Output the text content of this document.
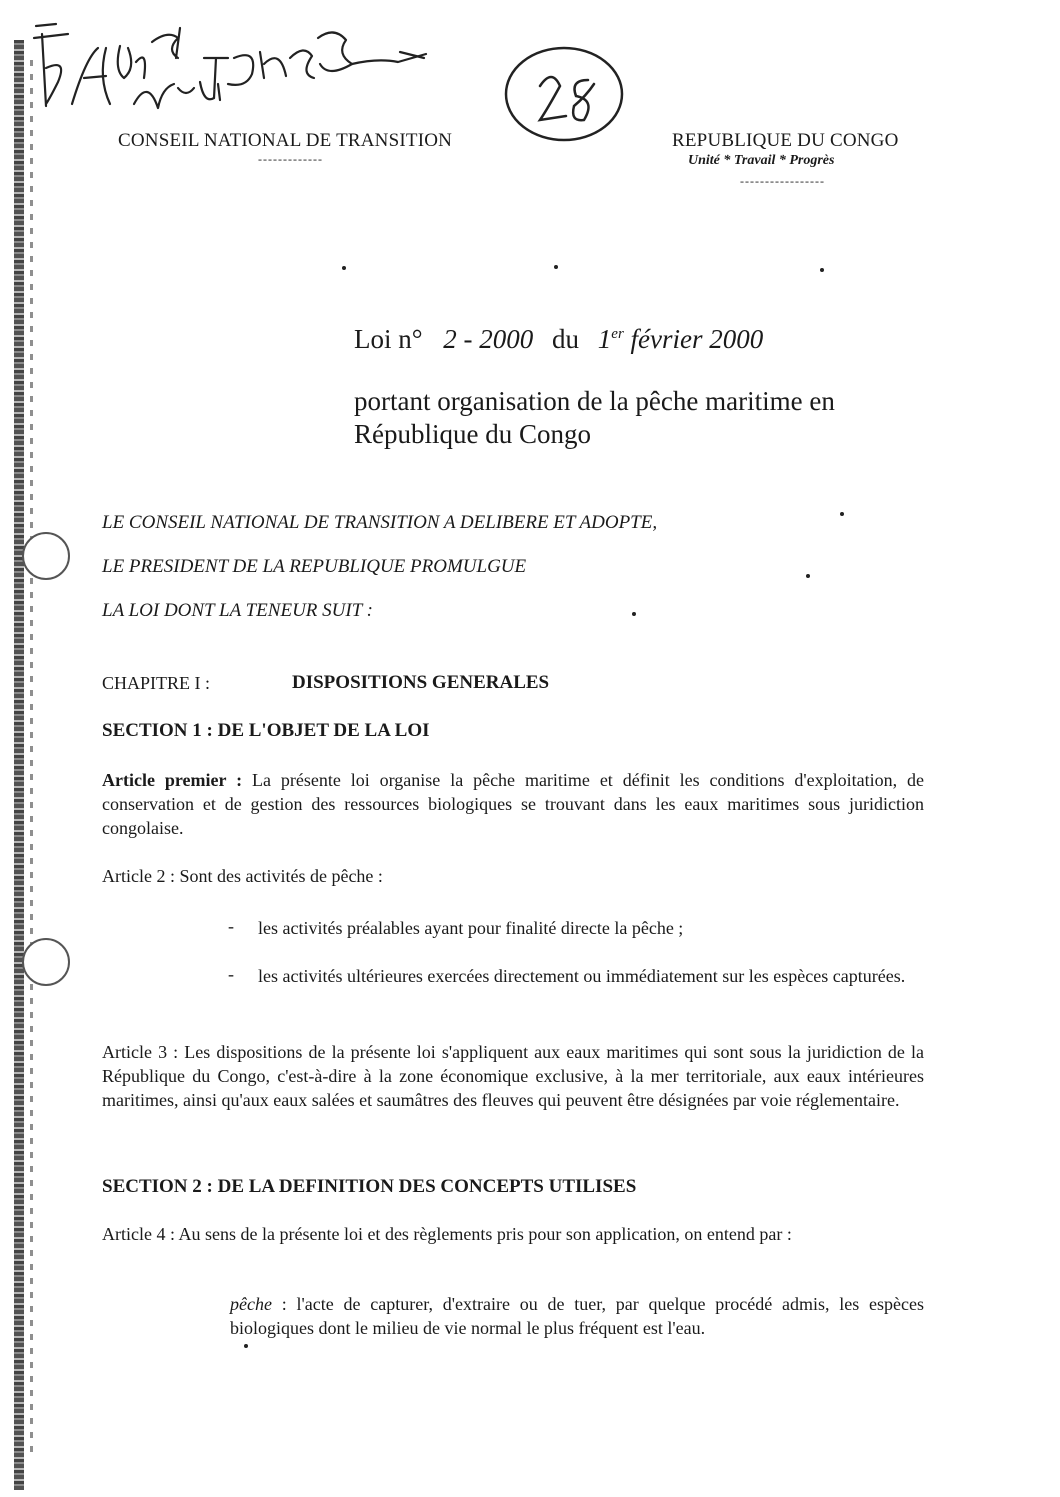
CONSEIL NATIONAL DE TRANSITION
-------------
REPUBLIQUE DU CONGO
Unité * Travail * Progrès
-----------------
Loi n° 2 - 2000 du 1er février 2000
portant organisation de la pêche maritime en
République du Congo
LE CONSEIL NATIONAL DE TRANSITION A DELIBERE ET ADOPTE,
LE PRESIDENT DE LA REPUBLIQUE PROMULGUE
LA LOI DONT LA TENEUR SUIT :
CHAPITRE I :	DISPOSITIONS GENERALES
SECTION 1 : DE L'OBJET DE LA LOI
Article premier : La présente loi organise la pêche maritime et définit les conditions d'exploitation, de conservation et de gestion des ressources biologiques se trouvant dans les eaux maritimes sous juridiction congolaise.
Article 2 : Sont des activités de pêche :
- les activités préalables ayant pour finalité directe la pêche ;
- les activités ultérieures exercées directement ou immédiatement sur les espèces capturées.
Article 3 : Les dispositions de la présente loi s'appliquent aux eaux maritimes qui sont sous la juridiction de la République du Congo, c'est-à-dire à la zone économique exclusive, à la mer territoriale, aux eaux intérieures maritimes, ainsi qu'aux eaux salées et saumâtres des fleuves qui peuvent être désignées par voie réglementaire.
SECTION 2 : DE LA DEFINITION DES CONCEPTS UTILISES
Article 4 : Au sens de la présente loi et des règlements pris pour son application, on entend par :
pêche : l'acte de capturer, d'extraire ou de tuer, par quelque procédé admis, les espèces biologiques dont le milieu de vie normal le plus fréquent est l'eau.
